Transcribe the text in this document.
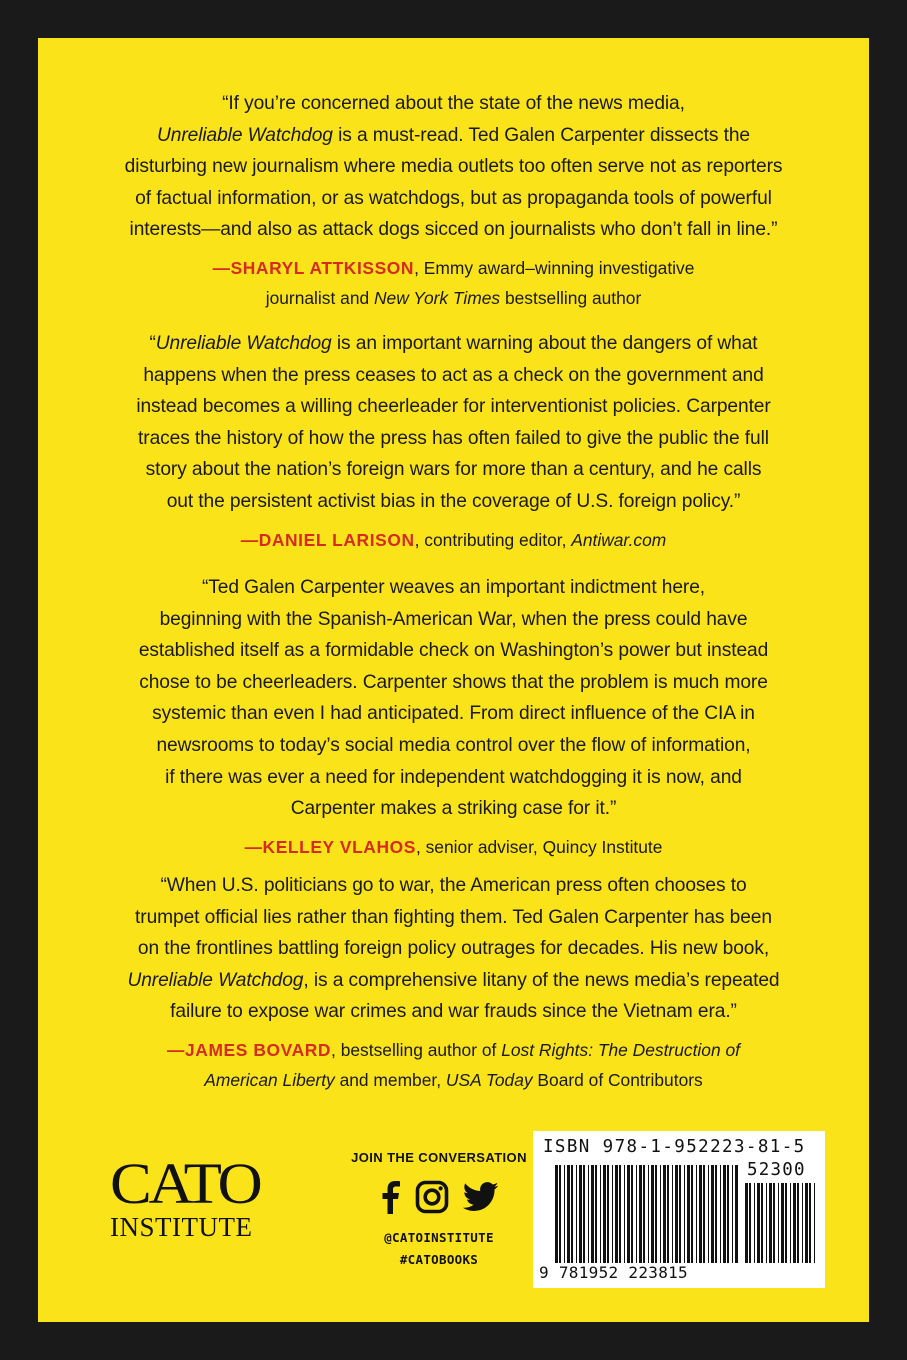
“If you’re concerned about the state of the news media,
Unreliable Watchdog is a must-read. Ted Galen Carpenter dissects the
disturbing new journalism where media outlets too often serve not as reporters
of factual information, or as watchdogs, but as propaganda tools of powerful
interests—and also as attack dogs sicced on journalists who don’t fall in line.”

—SHARYL ATTKISSON, Emmy award–winning investigative
journalist and New York Times bestselling author

“Unreliable Watchdog is an important warning about the dangers of what
happens when the press ceases to act as a check on the government and
instead becomes a willing cheerleader for interventionist policies. Carpenter
traces the history of how the press has often failed to give the public the full
story about the nation’s foreign wars for more than a century, and he calls
out the persistent activist bias in the coverage of U.S. foreign policy.”

—DANIEL LARISON, contributing editor, Antiwar.com

“Ted Galen Carpenter weaves an important indictment here,
beginning with the Spanish-American War, when the press could have
established itself as a formidable check on Washington’s power but instead
chose to be cheerleaders. Carpenter shows that the problem is much more
systemic than even I had anticipated. From direct influence of the CIA in
newsrooms to today’s social media control over the flow of information,
if there was ever a need for independent watchdogging it is now, and
Carpenter makes a striking case for it.”

—KELLEY VLAHOS, senior adviser, Quincy Institute

“When U.S. politicians go to war, the American press often chooses to
trumpet official lies rather than fighting them. Ted Galen Carpenter has been
on the frontlines battling foreign policy outrages for decades. His new book,
Unreliable Watchdog, is a comprehensive litany of the news media’s repeated
failure to expose war crimes and war frauds since the Vietnam era.”

—JAMES BOVARD, bestselling author of Lost Rights: The Destruction of
American Liberty and member, USA Today Board of Contributors

CATO
INSTITUTE
JOIN THE CONVERSATION
@CATOINSTITUTE
#CATOBOOKS
ISBN 978-1-952223-81-5
52300
9 781952 223815
